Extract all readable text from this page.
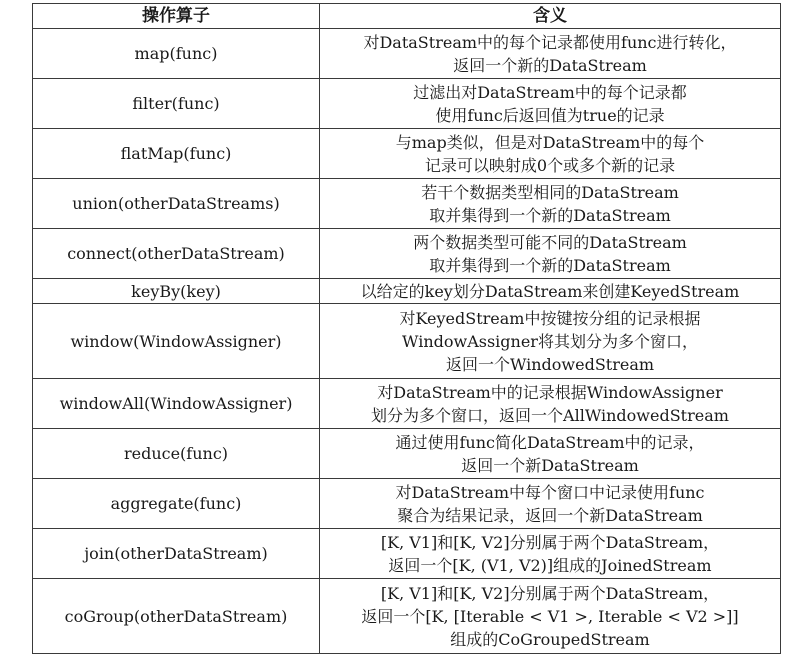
操作算子	含义
map(func)	对DataStream中的每个记录都使用func进行转化，
返回一个新的DataStream

filter(func)	过滤出对DataStream中的每个记录都
使用func后返回值为true的记录

flatMap(func)	与map类似，但是对DataStream中的每个
记录可以映射成0个或多个新的记录

union(otherDataStreams)	若干个数据类型相同的DataStream
取并集得到一个新的DataStream

connect(otherDataStream)	两个数据类型可能不同的DataStream
取并集得到一个新的DataStream

keyBy(key)	以给定的key划分DataStream来创建KeyedStream

window(WindowAssigner)	对KeyedStream中按键按分组的记录根据
WindowAssigner将其划分为多个窗口，
返回一个WindowedStream

windowAll(WindowAssigner)	对DataStream中的记录根据WindowAssigner
划分为多个窗口，返回一个AllWindowedStream

reduce(func)	通过使用func简化DataStream中的记录，
返回一个新DataStream

aggregate(func)	对DataStream中每个窗口中记录使用func
聚合为结果记录，返回一个新DataStream

join(otherDataStream)	[K, V1]和[K, V2]分别属于两个DataStream，
返回一个[K, (V1, V2)]组成的JoinedStream

coGroup(otherDataStream)	[K, V1]和[K, V2]分别属于两个DataStream，
返回一个[K, [Iterable < V1 >, Iterable < V2 >]]
组成的CoGroupedStream
